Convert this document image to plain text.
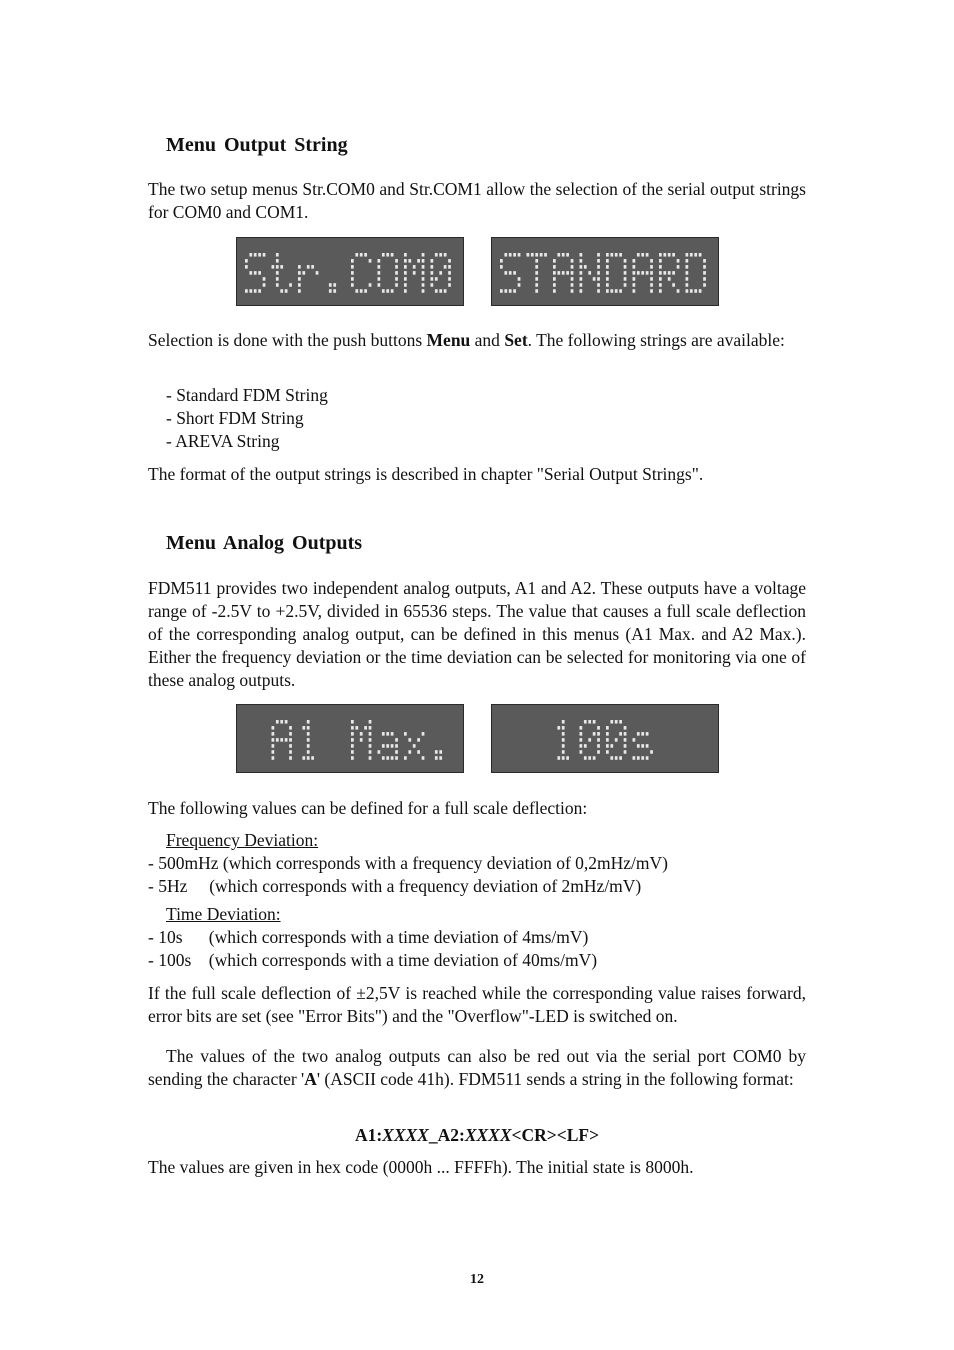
Menu Output String

The two setup menus Str.COM0 and Str.COM1 allow the selection of the serial output strings for COM0 and COM1.

Selection is done with the push buttons Menu and Set. The following strings are available:

- Standard FDM String
- Short FDM String
- AREVA String

The format of the output strings is described in chapter "Serial Output Strings".

Menu Analog Outputs

FDM511 provides two independent analog outputs, A1 and A2. These outputs have a voltage range of -2.5V to +2.5V, divided in 65536 steps. The value that causes a full scale deflection of the corresponding analog output, can be defined in this menus (A1 Max. and A2 Max.). Either the frequency deviation or the time deviation can be selected for monitoring via one of these analog outputs.

The following values can be defined for a full scale deflection:

Frequency Deviation:
- 500mHz (which corresponds with a frequency deviation of 0,2mHz/mV)
- 5Hz     (which corresponds with a frequency deviation of 2mHz/mV)
Time Deviation:
- 10s      (which corresponds with a time deviation of 4ms/mV)
- 100s    (which corresponds with a time deviation of 40ms/mV)

If the full scale deflection of ±2,5V is reached while the corresponding value raises forward, error bits are set (see "Error Bits") and the "Overflow"-LED is switched on.

The values of the two analog outputs can also be red out via the serial port COM0 by sending the character 'A' (ASCII code 41h). FDM511 sends a string in the following format:

A1:XXXX_A2:XXXX<CR><LF>

The values are given in hex code (0000h ... FFFFh). The initial state is 8000h.

12
